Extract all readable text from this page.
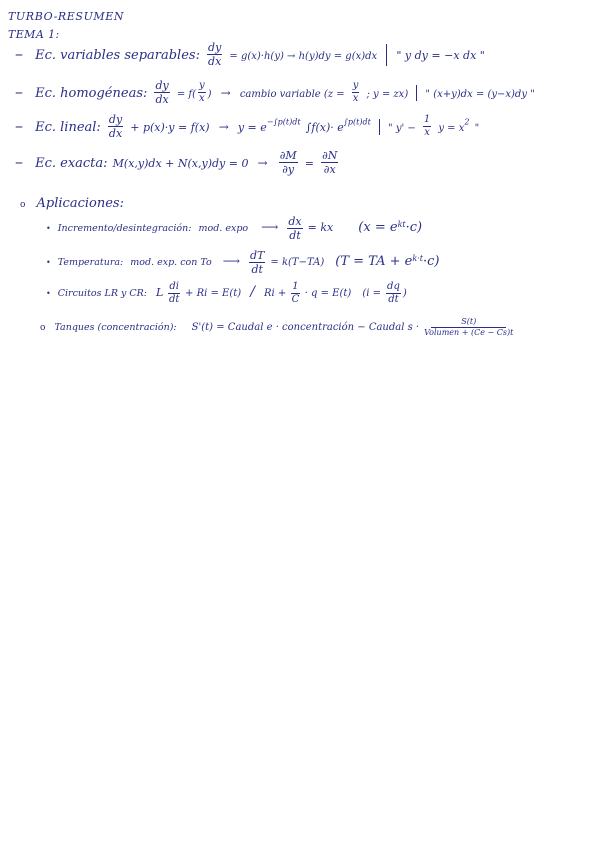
TURBO-RESUMEN
TEMA 1:
– Ec. variables separables: $\frac{dy}{dx} = g(x)\cdot h(y) \to h(y)dy = g(x)dx$ " y dy = −x dx "
– Ec. homogéneas: $\frac{dy}{dx} = f( \frac{y}{x}$ ) → cambio variable ($z = \frac{y}{x}$ ; y = zx) " (x+y)dx = (y−x)dy "
– Ec. lineal: $\frac{dy}{dx} + p(x)\cdot y = f(x) \to y = e^{-\int p(t)dt}$ $\int f(x)\cdot e^{\int p(t)dt}$  " $y' - \frac{1}{x}$ $y = x^2$ "
– Ec. exacta: $M(x,y)dx + N(x,y)dy = 0 \to \frac{\partial M}{\partial y} = \frac{\partial N}{\partial x}$
o Aplicaciones:
• Incremento/desintegración: mod. expo ⟶ $\frac{dx}{dt}$ = kx $(x = e^{kt}\cdot c)$
• Temperatura: mod. exp. con To ⟶ $\frac{dT}{dt} = k(T-TA) (T$ = TA + $e^{k\cdot t}\cdot c$)
• Circuitos LR y CR: L $\frac{di}{dt} + Ri = E(t) / Ri + \frac{1}{C} \cdot q = E(t) (i = \frac{dq}{dt}$ )
o Tanques (concentración): S'(t) = Caudal e · concentración − Caudal $s \cdot \frac{S(t)}{\text{Volumen + (Ce − Cs)t}}$
